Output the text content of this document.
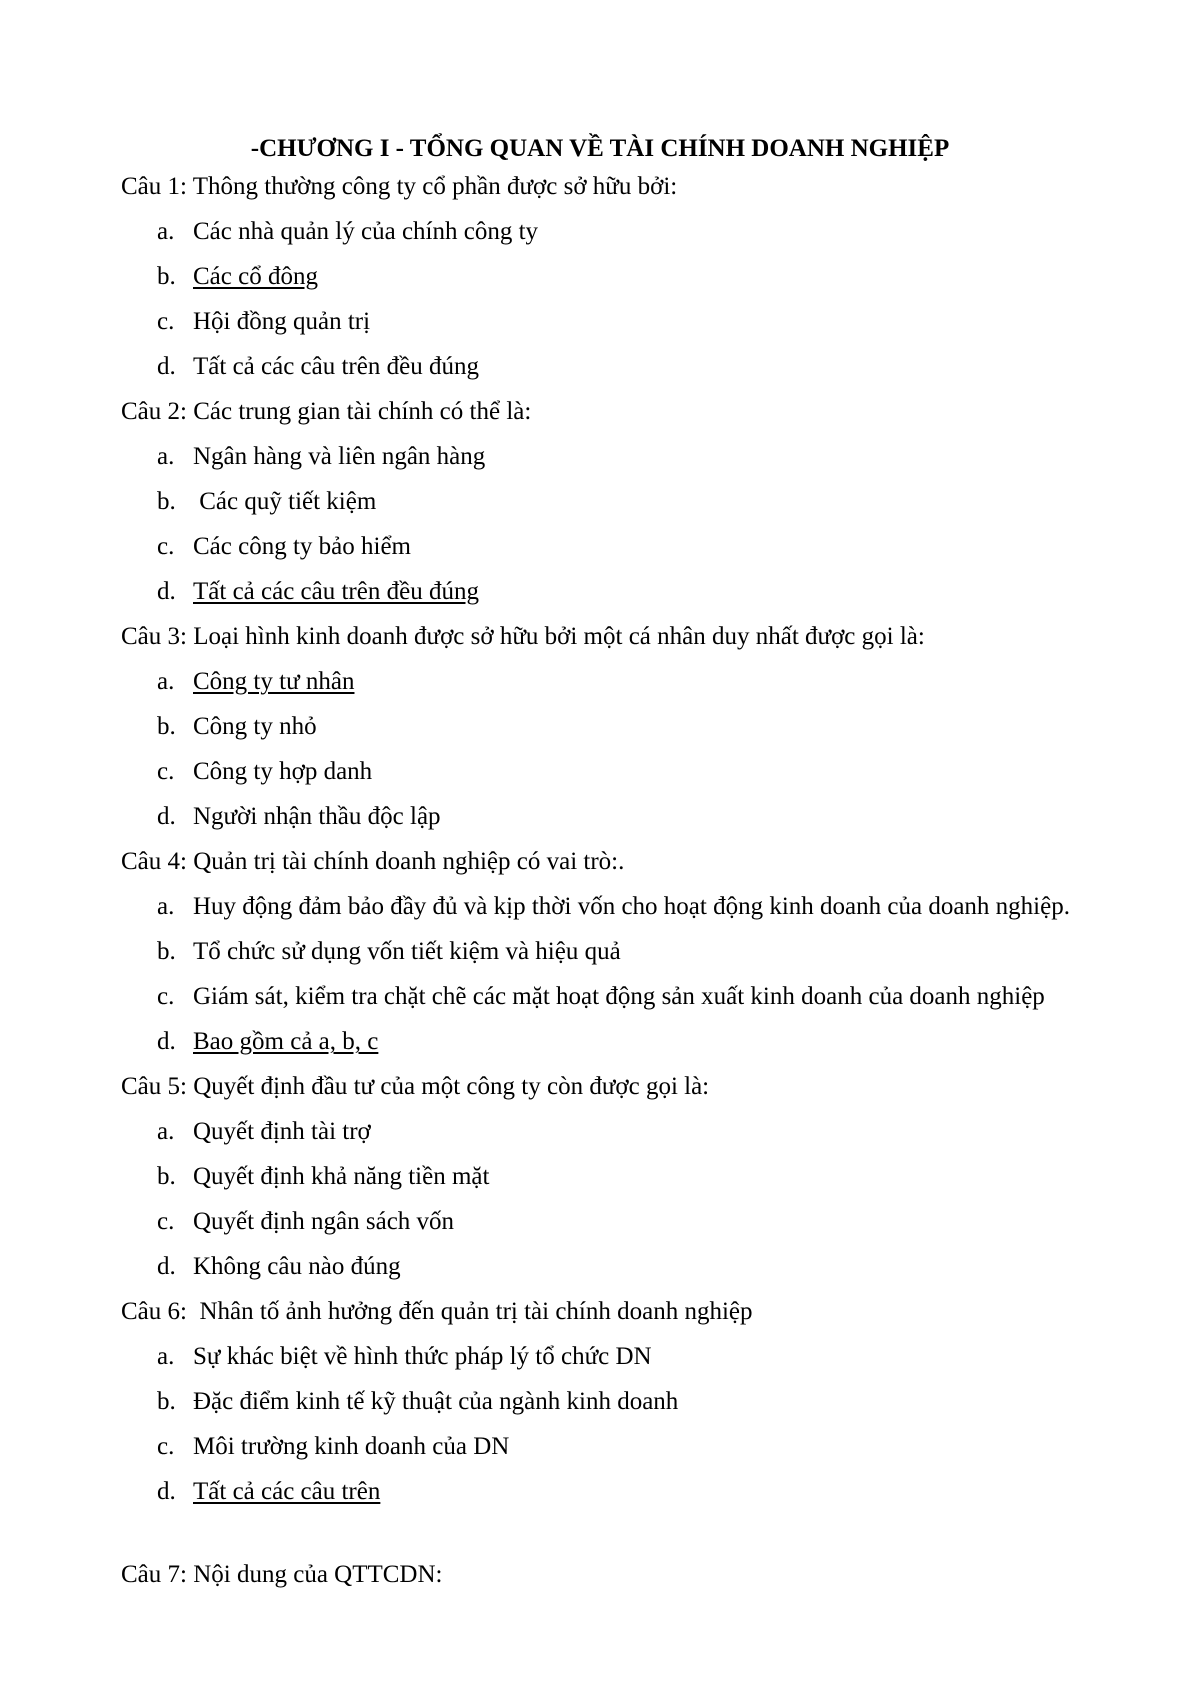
-CHƯƠNG I - TỔNG QUAN VỀ TÀI CHÍNH DOANH NGHIỆP
Câu 1: Thông thường công ty cổ phần được sở hữu bởi:
a. Các nhà quản lý của chính công ty
b. Các cổ đông
c. Hội đồng quản trị
d. Tất cả các câu trên đều đúng
Câu 2: Các trung gian tài chính có thể là:
a. Ngân hàng và liên ngân hàng
b. Các quỹ tiết kiệm
c. Các công ty bảo hiểm
d. Tất cả các câu trên đều đúng
Câu 3: Loại hình kinh doanh được sở hữu bởi một cá nhân duy nhất được gọi là:
a. Công ty tư nhân
b. Công ty nhỏ
c. Công ty hợp danh
d. Người nhận thầu độc lập
Câu 4: Quản trị tài chính doanh nghiệp có vai trò:.
a. Huy động đảm bảo đầy đủ và kịp thời vốn cho hoạt động kinh doanh của doanh nghiệp.
b. Tổ chức sử dụng vốn tiết kiệm và hiệu quả
c. Giám sát, kiểm tra chặt chẽ các mặt hoạt động sản xuất kinh doanh của doanh nghiệp
d. Bao gồm cả a, b, c
Câu 5: Quyết định đầu tư của một công ty còn được gọi là:
a. Quyết định tài trợ
b. Quyết định khả năng tiền mặt
c. Quyết định ngân sách vốn
d. Không câu nào đúng
Câu 6:  Nhân tố ảnh hưởng đến quản trị tài chính doanh nghiệp
a. Sự khác biệt về hình thức pháp lý tổ chức DN
b. Đặc điểm kinh tế kỹ thuật của ngành kinh doanh
c. Môi trường kinh doanh của DN
d. Tất cả các câu trên
Câu 7: Nội dung của QTTCDN:
